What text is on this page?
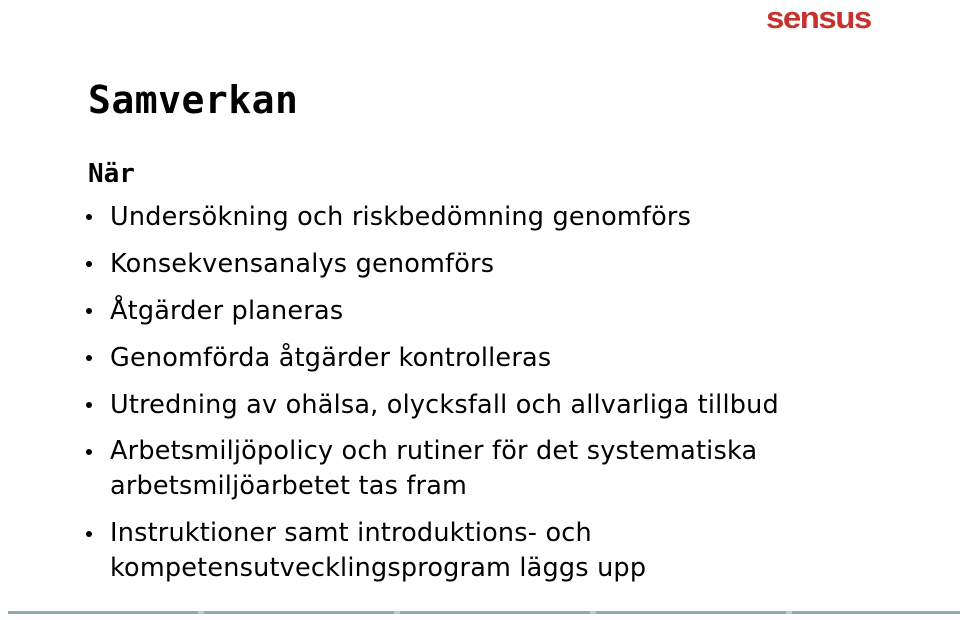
sensus
Samverkan
När
Undersökning och riskbedömning genomförs
Konsekvensanalys genomförs
Åtgärder planeras
Genomförda åtgärder kontrolleras
Utredning av ohälsa, olycksfall och allvarliga tillbud
Arbetsmiljöpolicy och rutiner för det systematiska arbetsmiljöarbetet tas fram
Instruktioner samt introduktions- och kompetensutvecklingsprogram läggs upp
